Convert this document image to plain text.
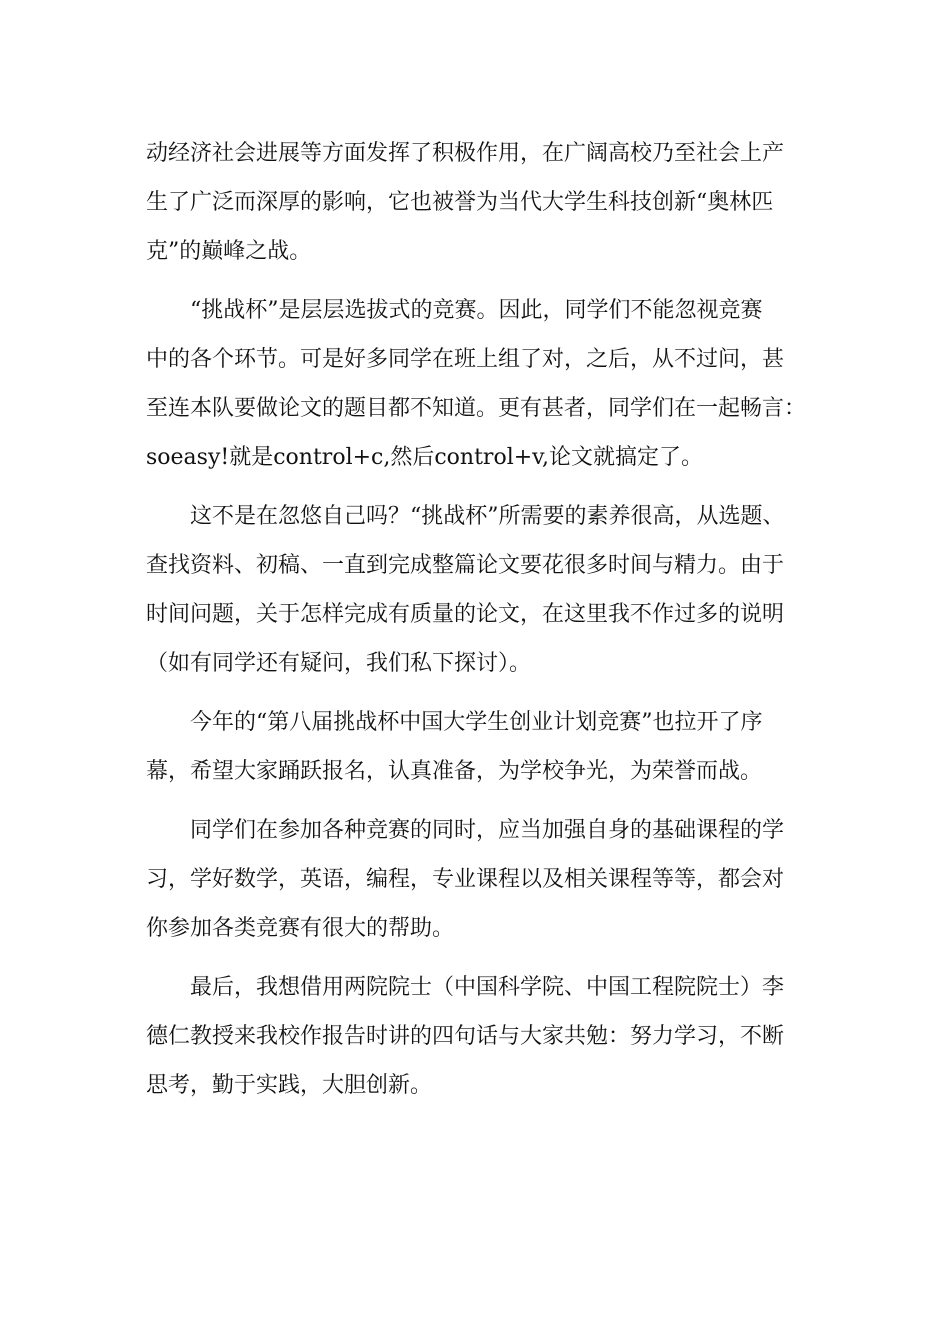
动经济社会进展等方面发挥了积极作用，在广阔高校乃至社会上产
生了广泛而深厚的影响，它也被誉为当代大学生科技创新“奥林匹
克”的巅峰之战。
　　“挑战杯”是层层选拔式的竞赛。因此，同学们不能忽视竞赛
中的各个环节。可是好多同学在班上组了对，之后，从不过问，甚
至连本队要做论文的题目都不知道。更有甚者，同学们在一起畅言：
soeasy!就是control+c,然后control+v,论文就搞定了。
　　这不是在忽悠自己吗？“挑战杯”所需要的素养很高，从选题、
查找资料、初稿、一直到完成整篇论文要花很多时间与精力。由于
时间问题，关于怎样完成有质量的论文，在这里我不作过多的说明
（如有同学还有疑问，我们私下探讨）。
　　今年的“第八届挑战杯中国大学生创业计划竞赛”也拉开了序
幕，希望大家踊跃报名，认真准备，为学校争光，为荣誉而战。
　　同学们在参加各种竞赛的同时，应当加强自身的基础课程的学
习，学好数学，英语，编程，专业课程以及相关课程等等，都会对
你参加各类竞赛有很大的帮助。
　　最后，我想借用两院院士（中国科学院、中国工程院院士）李
德仁教授来我校作报告时讲的四句话与大家共勉：努力学习，不断
思考，勤于实践，大胆创新。
